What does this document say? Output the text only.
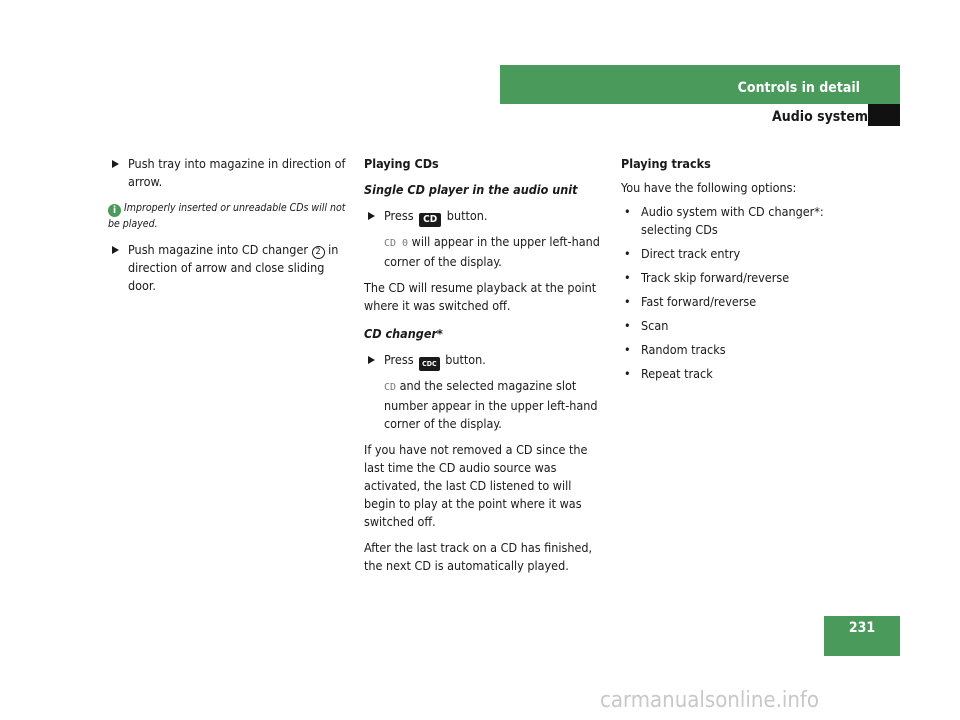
Controls in detail
Audio system
Push tray into magazine in direction of arrow.
i Improperly inserted or unreadable CDs will not be played.
Push magazine into CD changer 2 in direction of arrow and close sliding door.

Playing CDs

Single CD player in the audio unit

Press CD button.
CD 0 will appear in the upper left-hand corner of the display.

The CD will resume playback at the point where it was switched off.

CD changer*

Press CDC button.
CD and the selected magazine slot number appear in the upper left-hand corner of the display.

If you have not removed a CD since the last time the CD audio source was activated, the last CD listened to will begin to play at the point where it was switched off.

After the last track on a CD has finished, the next CD is automatically played.

Playing tracks

You have the following options:

• Audio system with CD changer*: selecting CDs
• Direct track entry
• Track skip forward/reverse
• Fast forward/reverse
• Scan
• Random tracks
• Repeat track
231
carmanualsonline.info
